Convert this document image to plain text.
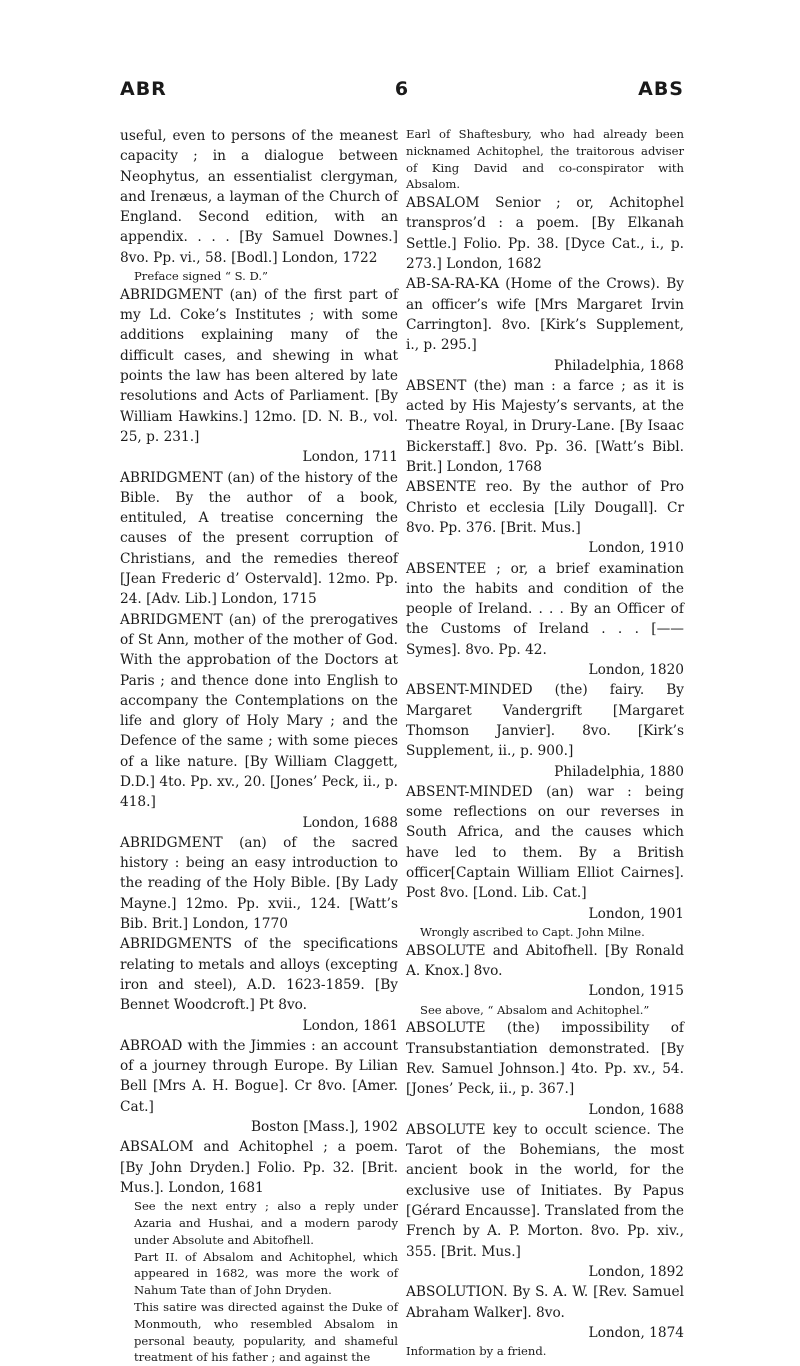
ABR	6	ABS

useful, even to persons of the meanest capacity ; in a dialogue between Neophytus, an essentialist clergyman, and Irenæus, a layman of the Church of England. Second edition, with an appendix. . . . [By Samuel Downes.] 8vo. Pp. vi., 58. [Bodl.] London, 1722

Preface signed “ S. D.”

ABRIDGMENT (an) of the first part of my Ld. Coke’s Institutes ; with some additions explaining many of the difficult cases, and shewing in what points the law has been altered by late resolutions and Acts of Parliament. [By William Hawkins.] 12mo. [D. N. B., vol. 25, p. 231.]

London, 1711

ABRIDGMENT (an) of the history of the Bible. By the author of a book, entituled, A treatise concerning the causes of the present corruption of Christians, and the remedies thereof [Jean Frederic d’ Ostervald]. 12mo. Pp. 24. [Adv. Lib.] London, 1715

ABRIDGMENT (an) of the prerogatives of St Ann, mother of the mother of God. With the approbation of the Doctors at Paris ; and thence done into English to accompany the Contemplations on the life and glory of Holy Mary ; and the Defence of the same ; with some pieces of a like nature. [By William Claggett, D.D.] 4to. Pp. xv., 20. [Jones’ Peck, ii., p. 418.]

London, 1688

ABRIDGMENT (an) of the sacred history : being an easy introduction to the reading of the Holy Bible. [By Lady Mayne.] 12mo. Pp. xvii., 124. [Watt’s Bib. Brit.] London, 1770

ABRIDGMENTS of the specifications relating to metals and alloys (excepting iron and steel), A.D. 1623-1859. [By Bennet Woodcroft.] Pt 8vo.

London, 1861

ABROAD with the Jimmies : an account of a journey through Europe. By Lilian Bell [Mrs A. H. Bogue]. Cr 8vo. [Amer. Cat.]

Boston [Mass.], 1902

ABSALOM and Achitophel ; a poem. [By John Dryden.] Folio. Pp. 32. [Brit. Mus.]. London, 1681

See the next entry ; also a reply under Azaria and Hushai, and a modern parody under Absolute and Abitofhell.

Part II. of Absalom and Achitophel, which appeared in 1682, was more the work of Nahum Tate than of John Dryden.

This satire was directed against the Duke of Monmouth, who resembled Absalom in personal beauty, popularity, and shameful treatment of his father ; and against the

Earl of Shaftesbury, who had already been nicknamed Achitophel, the traitorous adviser of King David and co-conspirator with Absalom.

ABSALOM Senior ; or, Achitophel transpros’d : a poem. [By Elkanah Settle.] Folio. Pp. 38. [Dyce Cat., i., p. 273.] London, 1682

AB-SA-RA-KA (Home of the Crows). By an officer’s wife [Mrs Margaret Irvin Carrington]. 8vo. [Kirk’s Supplement, i., p. 295.]

Philadelphia, 1868

ABSENT (the) man : a farce ; as it is acted by His Majesty’s servants, at the Theatre Royal, in Drury-Lane. [By Isaac Bickerstaff.] 8vo. Pp. 36. [Watt’s Bibl. Brit.] London, 1768

ABSENTE reo. By the author of Pro Christo et ecclesia [Lily Dougall]. Cr 8vo. Pp. 376. [Brit. Mus.]

London, 1910

ABSENTEE ; or, a brief examination into the habits and condition of the people of Ireland. . . . By an Officer of the Customs of Ireland . . . [—— Symes]. 8vo. Pp. 42.

London, 1820

ABSENT-MINDED (the) fairy. By Margaret Vandergrift [Margaret Thomson Janvier]. 8vo. [Kirk’s Supplement, ii., p. 900.]

Philadelphia, 1880

ABSENT-MINDED (an) war : being some reflections on our reverses in South Africa, and the causes which have led to them. By a British officer[Captain William Elliot Cairnes]. Post 8vo. [Lond. Lib. Cat.]

London, 1901

Wrongly ascribed to Capt. John Milne.

ABSOLUTE and Abitofhell. [By Ronald A. Knox.] 8vo.

London, 1915

See above, “ Absalom and Achitophel.”

ABSOLUTE (the) impossibility of Transubstantiation demonstrated. [By Rev. Samuel Johnson.] 4to. Pp. xv., 54. [Jones’ Peck, ii., p. 367.]

London, 1688

ABSOLUTE key to occult science. The Tarot of the Bohemians, the most ancient book in the world, for the exclusive use of Initiates. By Papus [Gérard Encausse]. Translated from the French by A. P. Morton. 8vo. Pp. xiv., 355. [Brit. Mus.]

London, 1892

ABSOLUTION. By S. A. W. [Rev. Samuel Abraham Walker]. 8vo.

London, 1874

Information by a friend.
